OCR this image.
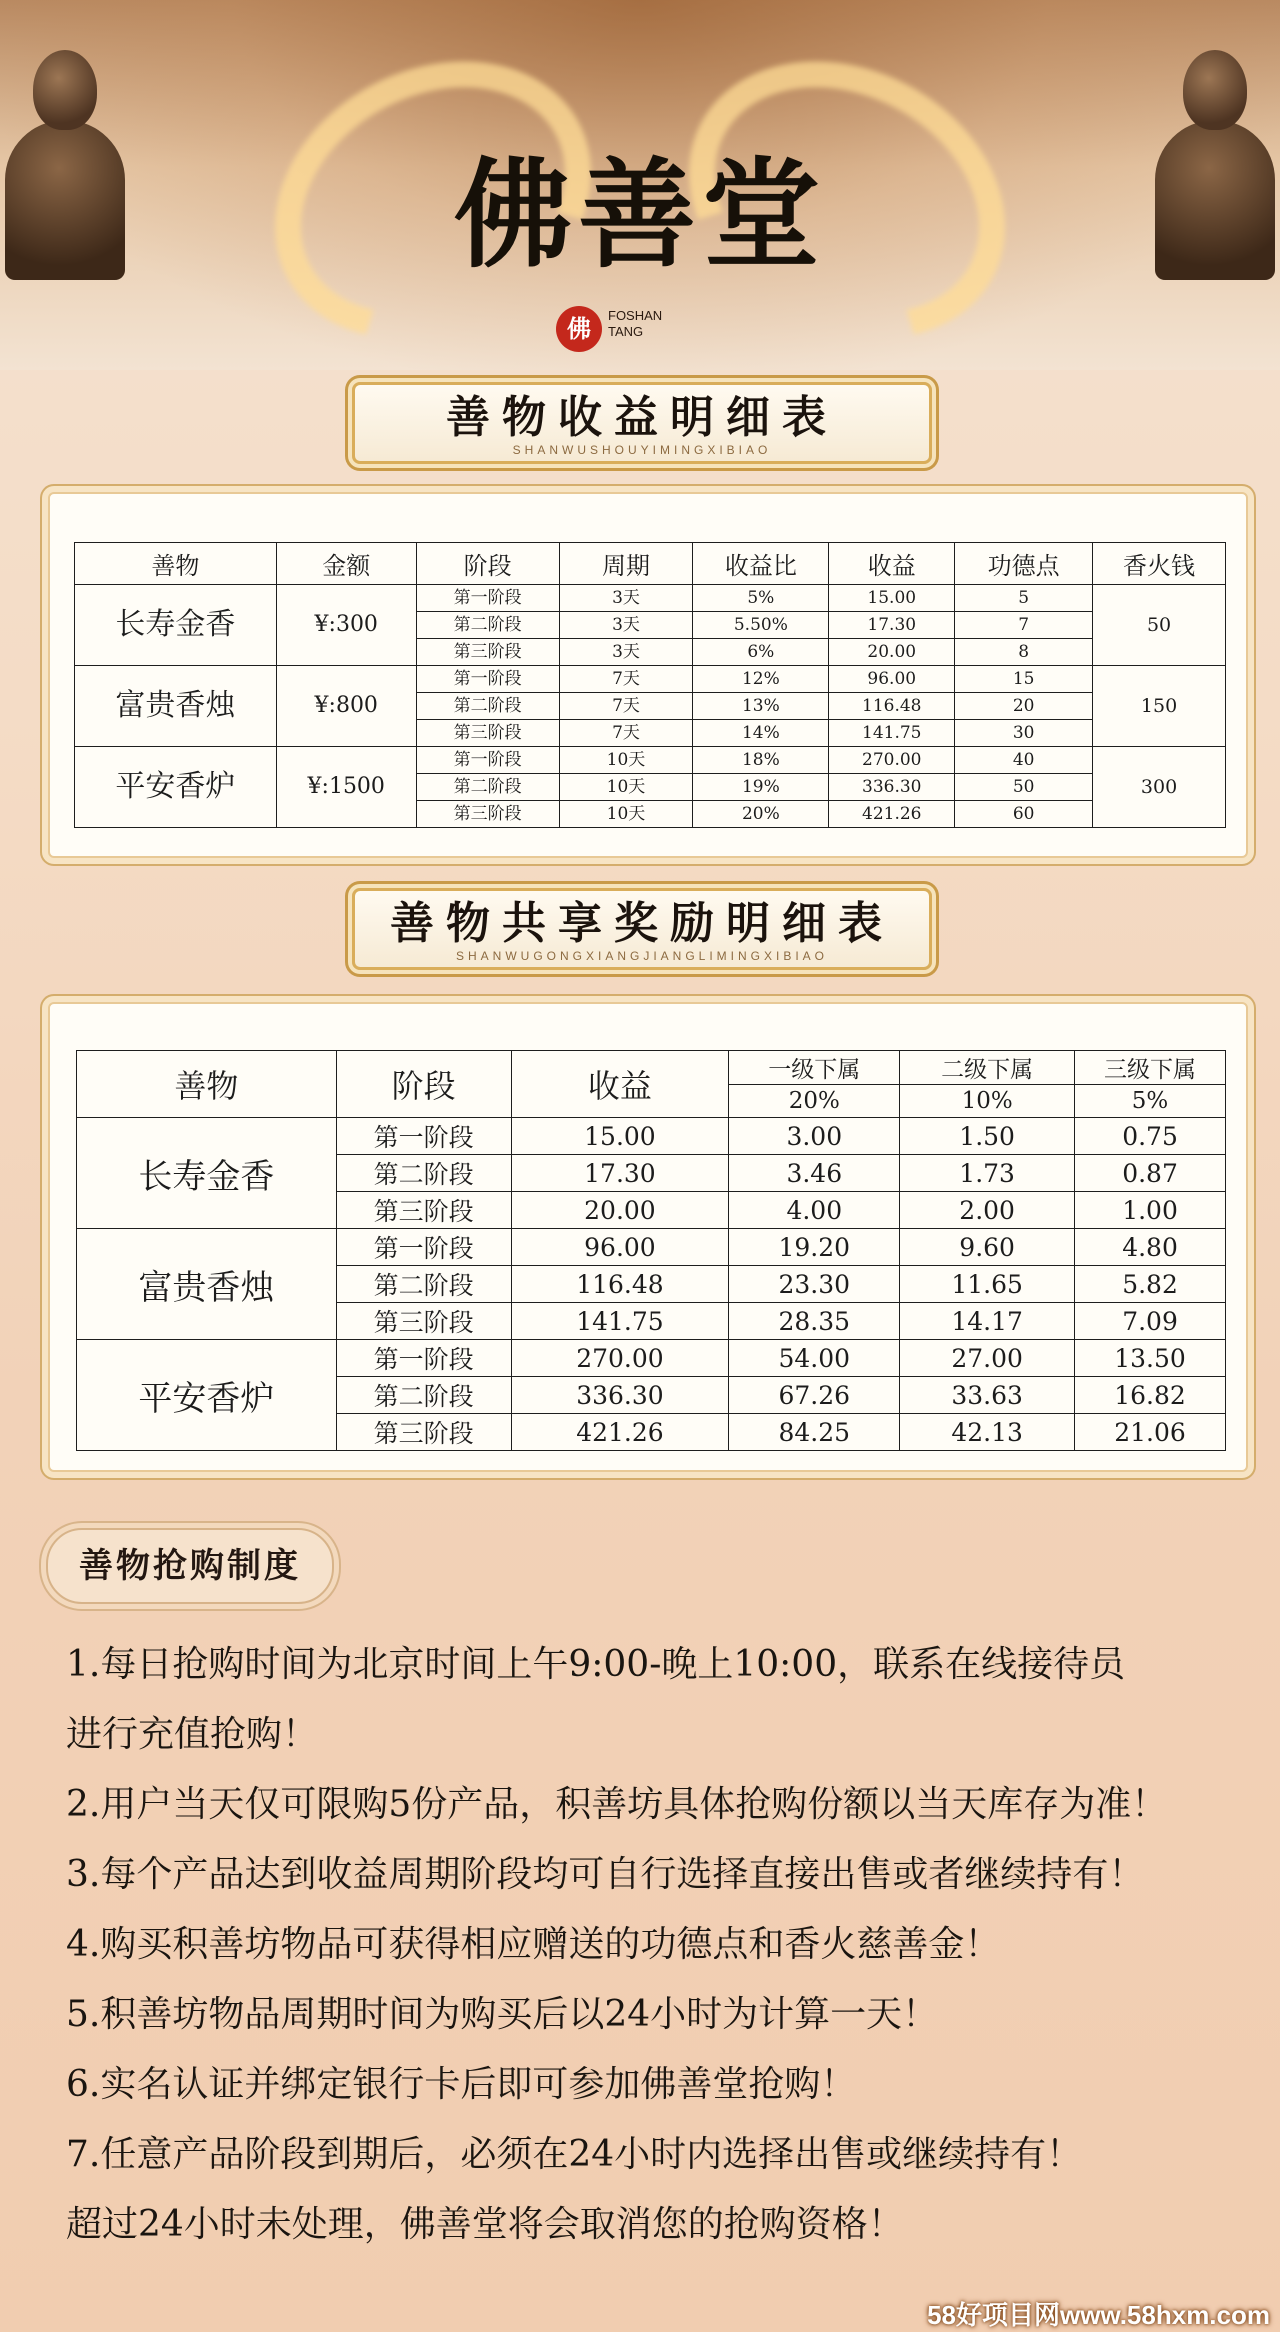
佛善堂
佛	FOSHAN
TANG
善物收益明细表
SHANWUSHOUYIMINGXIBIAO
善物	金额	阶段	周期	收益比	收益	功德点	香火钱
长寿金香	¥:300	第一阶段	3天	5%	15.00	5	50
		第二阶段	3天	5.50%	17.30	7	
		第三阶段	3天	6%	20.00	8	
富贵香烛	¥:800	第一阶段	7天	12%	96.00	15	150
		第二阶段	7天	13%	116.48	20	
		第三阶段	7天	14%	141.75	30	
平安香炉	¥:1500	第一阶段	10天	18%	270.00	40	300
		第二阶段	10天	19%	336.30	50	
		第三阶段	10天	20%	421.26	60	
善物共享奖励明细表
SHANWUGONGXIANGJIANGLIMINGXIBIAO
善物	阶段	收益	一级下属	二级下属	三级下属
			20%	10%	5%
长寿金香	第一阶段	15.00	3.00	1.50	0.75
	第二阶段	17.30	3.46	1.73	0.87
	第三阶段	20.00	4.00	2.00	1.00
富贵香烛	第一阶段	96.00	19.20	9.60	4.80
	第二阶段	116.48	23.30	11.65	5.82
	第三阶段	141.75	28.35	14.17	7.09
平安香炉	第一阶段	270.00	54.00	27.00	13.50
	第二阶段	336.30	67.26	33.63	16.82
	第三阶段	421.26	84.25	42.13	21.06
善物抢购制度
1.每日抢购时间为北京时间上午9:00-晚上10:00，联系在线接待员
进行充值抢购！
2.用户当天仅可限购5份产品，积善坊具体抢购份额以当天库存为准！
3.每个产品达到收益周期阶段均可自行选择直接出售或者继续持有！
4.购买积善坊物品可获得相应赠送的功德点和香火慈善金！
5.积善坊物品周期时间为购买后以24小时为计算一天！
6.实名认证并绑定银行卡后即可参加佛善堂抢购！
7.任意产品阶段到期后，必须在24小时内选择出售或继续持有！
超过24小时未处理，佛善堂将会取消您的抢购资格！
58好项目网www.58hxm.com
